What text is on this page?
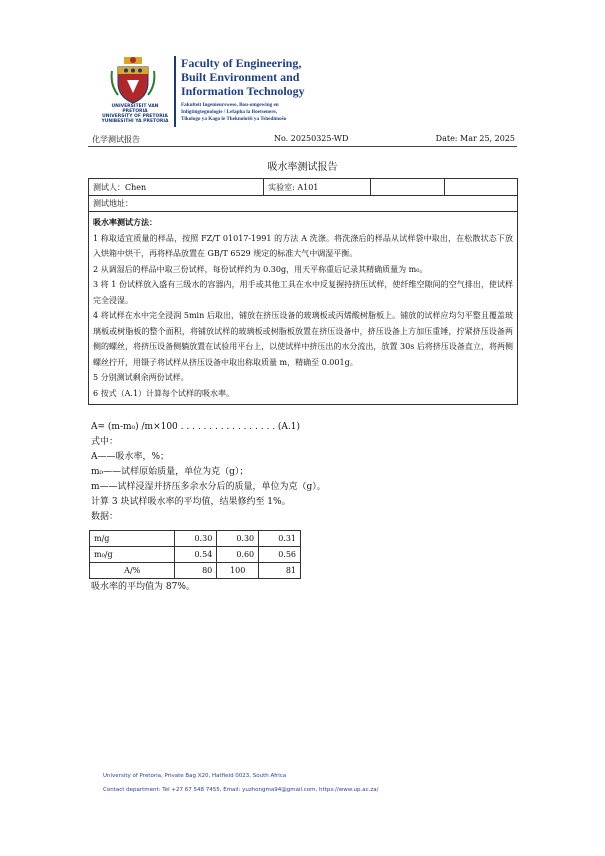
UNIVERSITEIT VAN PRETORIA
UNIVERSITY OF PRETORIA
YUNIBESITHI YA PRETORIA
Faculty of Engineering,
Built Environment and
Information Technology
Fakulteit Ingenieurswese, Bou-omgewing en
Inligtingtegnologie / Lefapha la Boetsenere,
Tikologo ya Kago le Theknolotši ya Tshedimošo
化学测试报告	No. 20250325-WD	Date: Mar 25, 2025
吸水率测试报告
测试人：Chen	实验室: A101		
测试地址：

吸水率测试方法：

1 称取适宜质量的样品，按照 FZ/T 01017-1991 的方法 A 洗涤。将洗涤后的样品从试样袋中取出，在松散状态下放入烘箱中烘干，再将样品放置在 GB/T 6529 规定的标准大气中调湿平衡。

2 从调湿后的样品中取三份试样，每份试样约为 0.30g，用天平称重后记录其精确质量为 m₀。

3 将 1 份试样放入盛有三级水的容器内，用手或其他工具在水中反复握持挤压试样，使纤维空隙间的空气排出，使试样完全浸湿。

4 将试样在水中完全浸润 5min 后取出，铺放在挤压设备的玻璃板或丙烯酸树脂板上。铺放的试样应均匀平整且覆盖玻璃板或树脂板的整个面积，将铺放试样的玻璃板或树脂板放置在挤压设备中，挤压设备上方加压重锤，拧紧挤压设备两侧的螺丝，将挤压设备侧躺放置在试验用平台上，以使试样中挤压出的水分流出，放置 30s 后将挤压设备直立，将两侧螺丝拧开，用镊子将试样从挤压设备中取出称取质量 m，精确至 0.001g。

5 分别测试剩余两份试样。

6 按式（A.1）计算每个试样的吸水率。

A= (m-m₀) /m×100 . . . . . . . . . . . . . . . . . (A.1)
式中：
A——吸水率，%；
m₀——试样原始质量，单位为克（g）；
m——试样浸湿并挤压多余水分后的质量，单位为克（g）。
计算 3 块试样吸水率的平均值，结果修约至 1%。
数据：
m/g	0.30	0.30	0.31
m₀/g	0.54	0.60	0.56
A/%	80	100	81
吸水率的平均值为 87%。
University of Pretoria, Private Bag X20, Hatfield 0023, South Africa
Contact department: Tel +27 67 548 7455, Email: yuzhongma94@gmail.com, https://www.up.ac.za/
